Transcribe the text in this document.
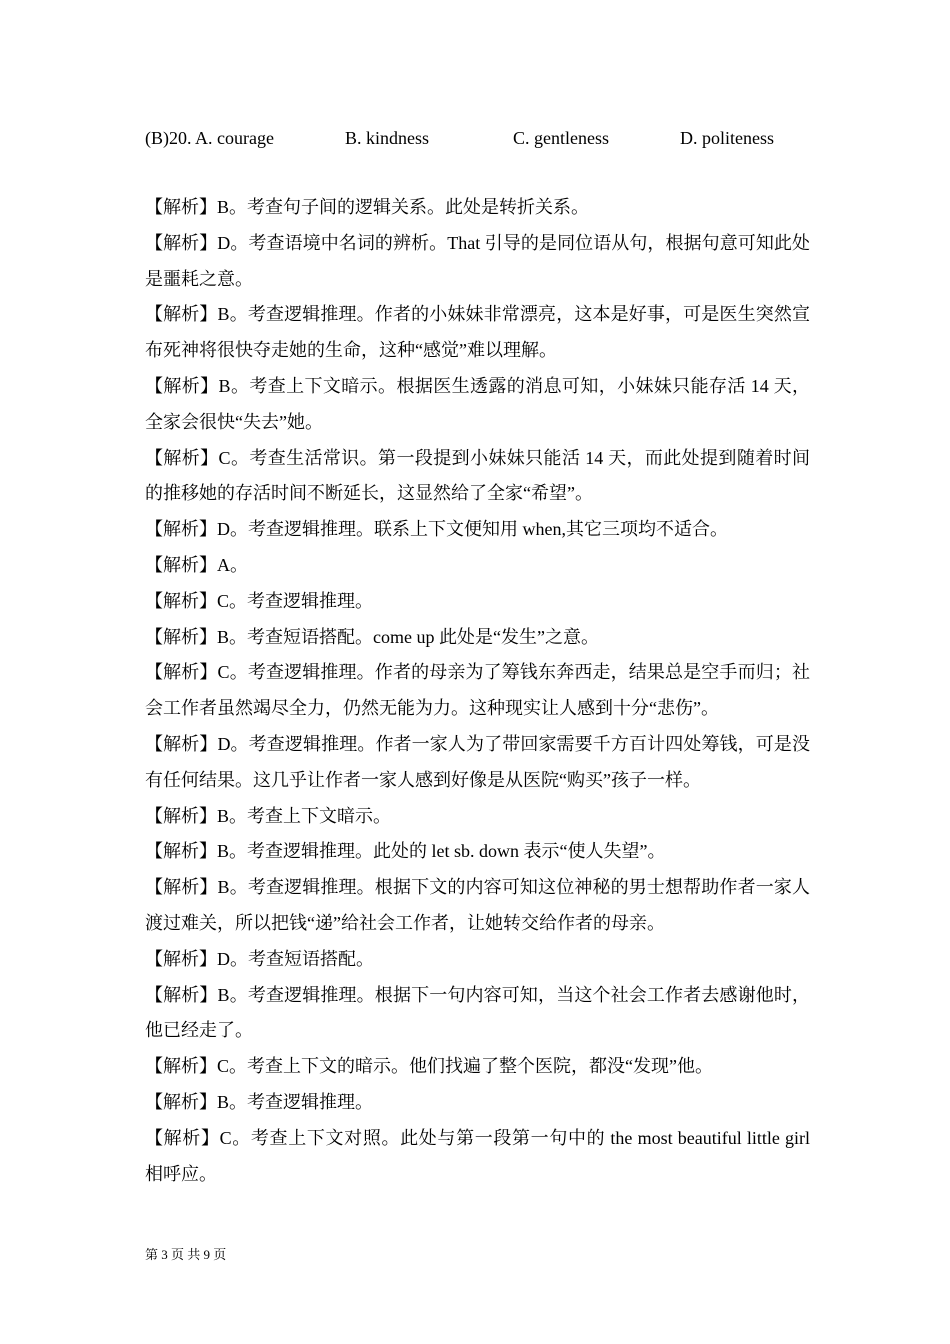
(B)20. A. courage	B. kindness	C. gentleness	D. politeness

【解析】B。考查句子间的逻辑关系。此处是转折关系。

【解析】D。考查语境中名词的辨析。That 引导的是同位语从句，根据句意可知此处是噩耗之意。

【解析】B。考查逻辑推理。作者的小妹妹非常漂亮，这本是好事，可是医生突然宣布死神将很快夺走她的生命，这种“感觉”难以理解。

【解析】B。考查上下文暗示。根据医生透露的消息可知，小妹妹只能存活 14 天，全家会很快“失去”她。

【解析】C。考查生活常识。第一段提到小妹妹只能活 14 天，而此处提到随着时间的推移她的存活时间不断延长，这显然给了全家“希望”。

【解析】D。考查逻辑推理。联系上下文便知用 when,其它三项均不适合。

【解析】A。

【解析】C。考查逻辑推理。

【解析】B。考查短语搭配。come up 此处是“发生”之意。

【解析】C。考查逻辑推理。作者的母亲为了筹钱东奔西走，结果总是空手而归；社会工作者虽然竭尽全力，仍然无能为力。这种现实让人感到十分“悲伤”。

【解析】D。考查逻辑推理。作者一家人为了带回家需要千方百计四处筹钱，可是没有任何结果。这几乎让作者一家人感到好像是从医院“购买”孩子一样。

【解析】B。考查上下文暗示。

【解析】B。考查逻辑推理。此处的 let sb. down 表示“使人失望”。

【解析】B。考查逻辑推理。根据下文的内容可知这位神秘的男士想帮助作者一家人渡过难关，所以把钱“递”给社会工作者，让她转交给作者的母亲。

【解析】D。考查短语搭配。

【解析】B。考查逻辑推理。根据下一句内容可知，当这个社会工作者去感谢他时，他已经走了。

【解析】C。考查上下文的暗示。他们找遍了整个医院，都没“发现”他。

【解析】B。考查逻辑推理。

【解析】C。考查上下文对照。此处与第一段第一句中的 the most beautiful little girl 相呼应。

第 3 页 共 9 页
